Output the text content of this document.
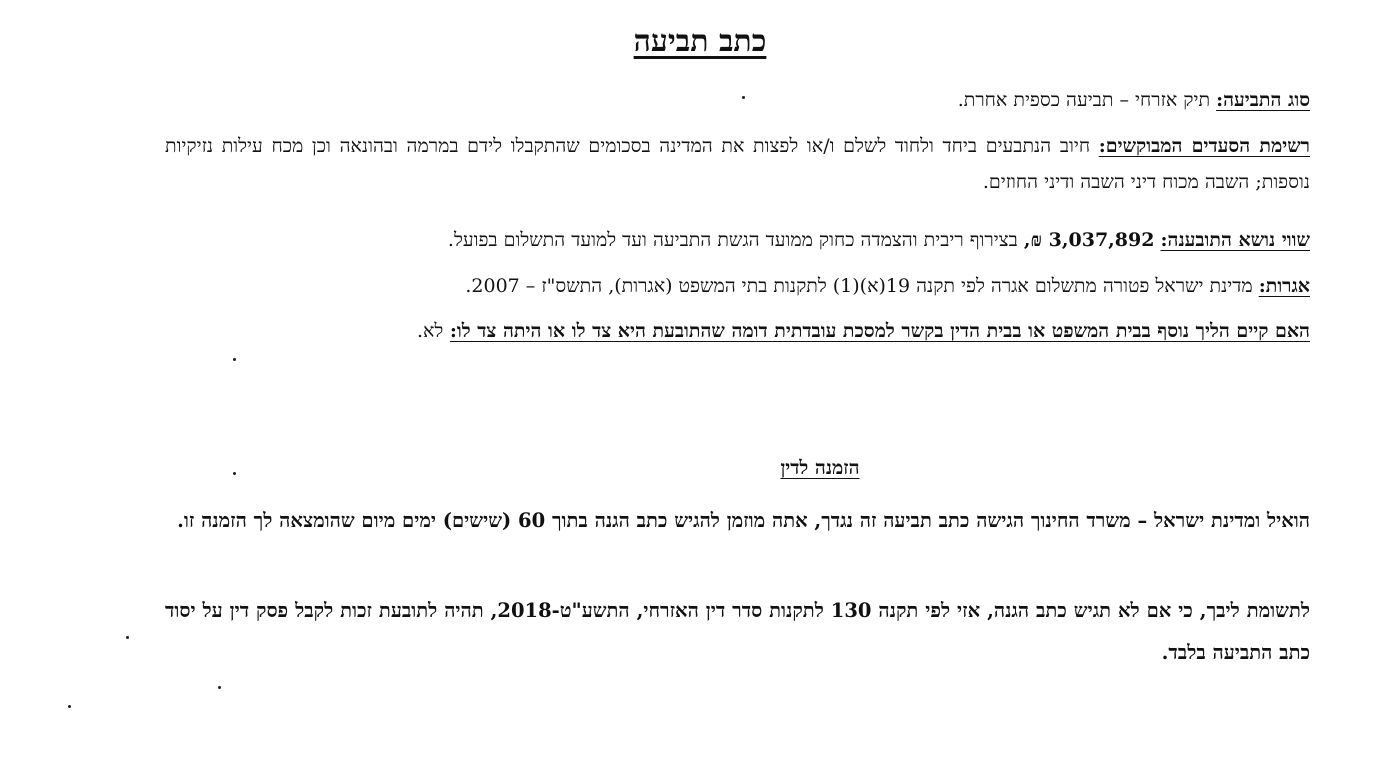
כתב תביעה
סוג התביעה: תיק אזרחי – תביעה כספית אחרת.
רשימת הסעדים המבוקשים: חיוב הנתבעים ביחד ולחוד לשלם ו/או לפצות את המדינה בסכומים שהתקבלו לידם במרמה ובהונאה וכן מכח עילות נזיקיות נוספות; השבה מכוח דיני השבה ודיני החוזים.
שווי נושא התובענה: 3,037,892 ₪, בצירוף ריבית והצמדה כחוק ממועד הגשת התביעה ועד למועד התשלום בפועל.
אגרות: מדינת ישראל פטורה מתשלום אגרה לפי תקנה 19(א)(1) לתקנות בתי המשפט (אגרות), התשס"ז – 2007.
האם קיים הליך נוסף בבית המשפט או בבית הדין בקשר למסכת עובדתית דומה שהתובעת היא צד לו או היתה צד לו: לא.
הזמנה לדין
הואיל ומדינת ישראל – משרד החינוך הגישה כתב תביעה זה נגדך, אתה מוזמן להגיש כתב הגנה בתוך 60 (שישים) ימים מיום שהומצאה לך הזמנה זו.
לתשומת ליבך, כי אם לא תגיש כתב הגנה, אזי לפי תקנה 130 לתקנות סדר דין האזרחי, התשע"ט-2018, תהיה לתובעת זכות לקבל פסק דין על יסוד כתב התביעה בלבד.
